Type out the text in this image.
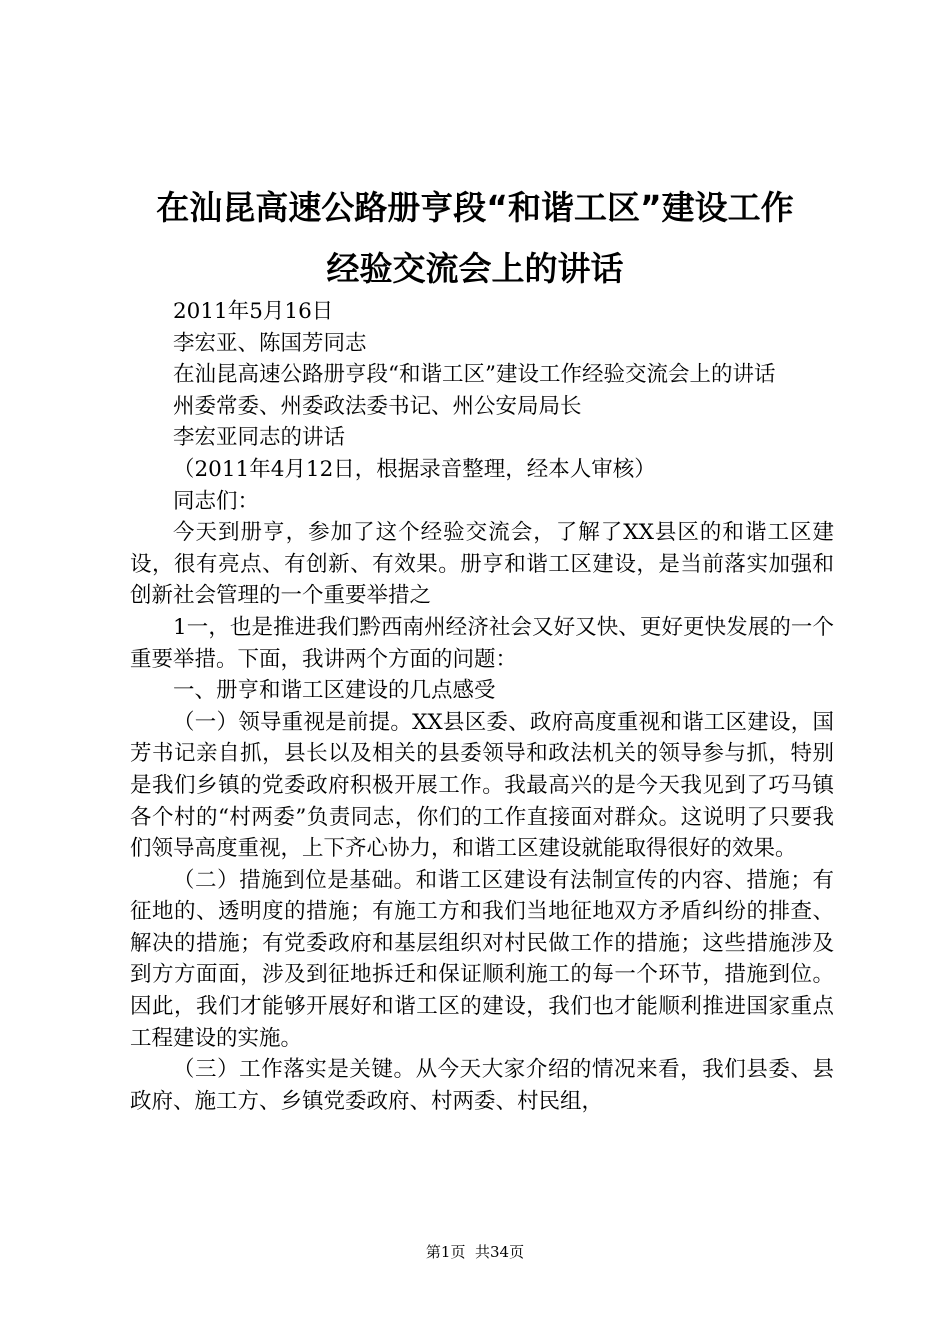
在汕昆高速公路册亨段“和谐工区”建设工作
经验交流会上的讲话

2011年5月16日

李宏亚、陈国芳同志

在汕昆高速公路册亨段“和谐工区”建设工作经验交流会上的讲话

州委常委、州委政法委书记、州公安局局长

李宏亚同志的讲话

（2011年4月12日，根据录音整理，经本人审核）

同志们：

今天到册亨，参加了这个经验交流会，了解了XX县区的和谐工区建设，很有亮点、有创新、有效果。册亨和谐工区建设，是当前落实加强和创新社会管理的一个重要举措之

1一，也是推进我们黔西南州经济社会又好又快、更好更快发展的一个重要举措。下面，我讲两个方面的问题：

一、册亨和谐工区建设的几点感受

（一）领导重视是前提。XX县区委、政府高度重视和谐工区建设，国芳书记亲自抓，县长以及相关的县委领导和政法机关的领导参与抓，特别是我们乡镇的党委政府积极开展工作。我最高兴的是今天我见到了巧马镇各个村的“村两委”负责同志，你们的工作直接面对群众。这说明了只要我们领导高度重视，上下齐心协力，和谐工区建设就能取得很好的效果。

（二）措施到位是基础。和谐工区建设有法制宣传的内容、措施；有征地的、透明度的措施；有施工方和我们当地征地双方矛盾纠纷的排查、解决的措施；有党委政府和基层组织对村民做工作的措施；这些措施涉及到方方面面，涉及到征地拆迁和保证顺利施工的每一个环节，措施到位。因此，我们才能够开展好和谐工区的建设，我们也才能顺利推进国家重点工程建设的实施。

（三）工作落实是关键。从今天大家介绍的情况来看，我们县委、县政府、施工方、乡镇党委政府、村两委、村民组，

第1页 共34页
